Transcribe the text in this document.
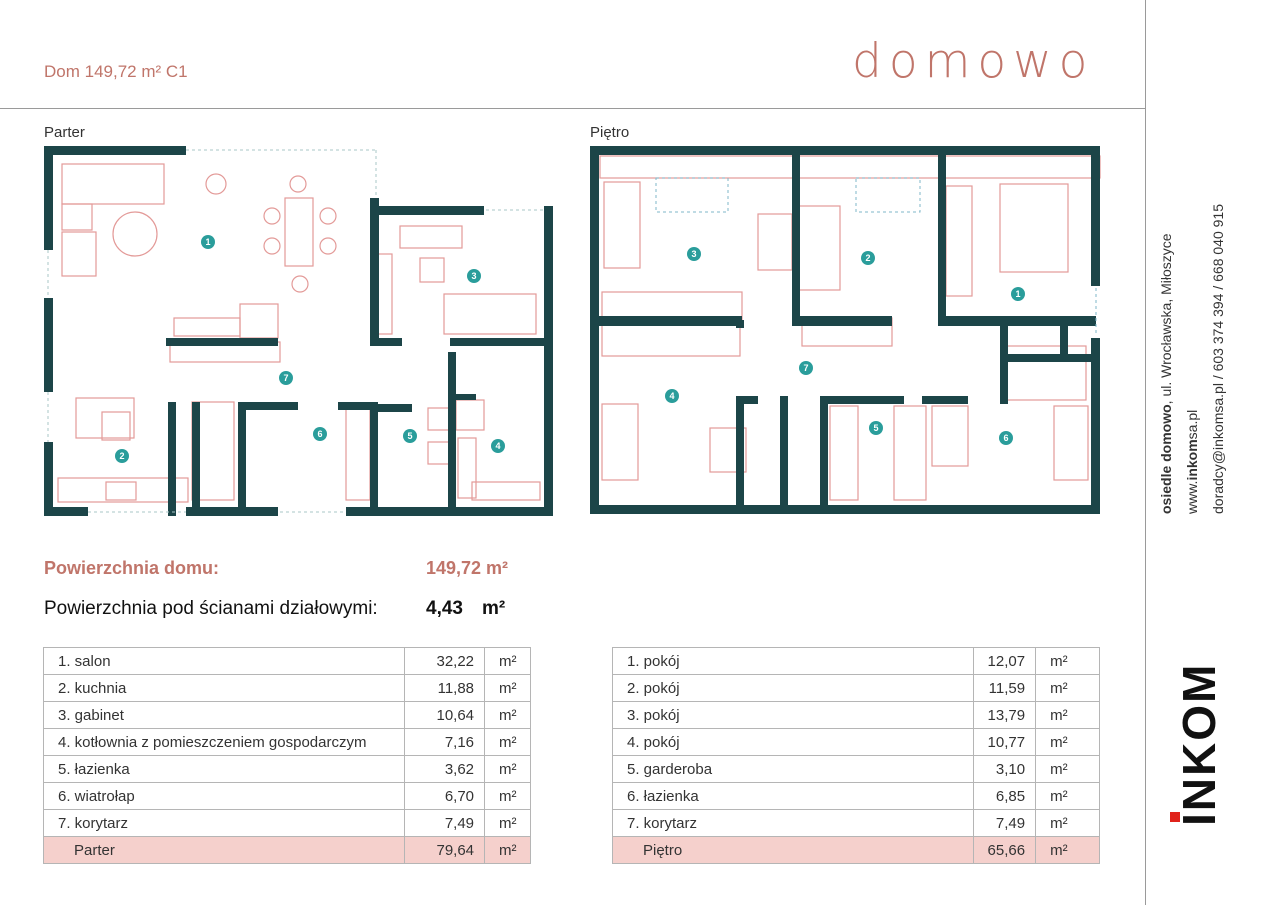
Dom 149,72 m² C1	domowo
Parter	Piętro
1
2
3
4
5
6
7
1
2
3
4
5
6
7
Powierzchnia domu:	149,72 m²
Powierzchnia pod ścianami działowymi:	4,43 m²
1. salon	32,22	m²
2. kuchnia	11,88	m²
3. gabinet	10,64	m²
4. kotłownia z pomieszczeniem gospodarczym	7,16	m²
5. łazienka	3,62	m²
6. wiatrołap	6,70	m²
7. korytarz	7,49	m²
Parter	79,64	m²
1. pokój	12,07	m²
2. pokój	11,59	m²
3. pokój	13,79	m²
4. pokój	10,77	m²
5. garderoba	3,10	m²
6. łazienka	6,85	m²
7. korytarz	7,49	m²
Piętro	65,66	m²
osiedle domowo, ul. Wrocławska, Miłoszyce
www.inkomsa.pl doradcy@inkomsa.pl / 603 374 394 / 668 040 915
INKOM
